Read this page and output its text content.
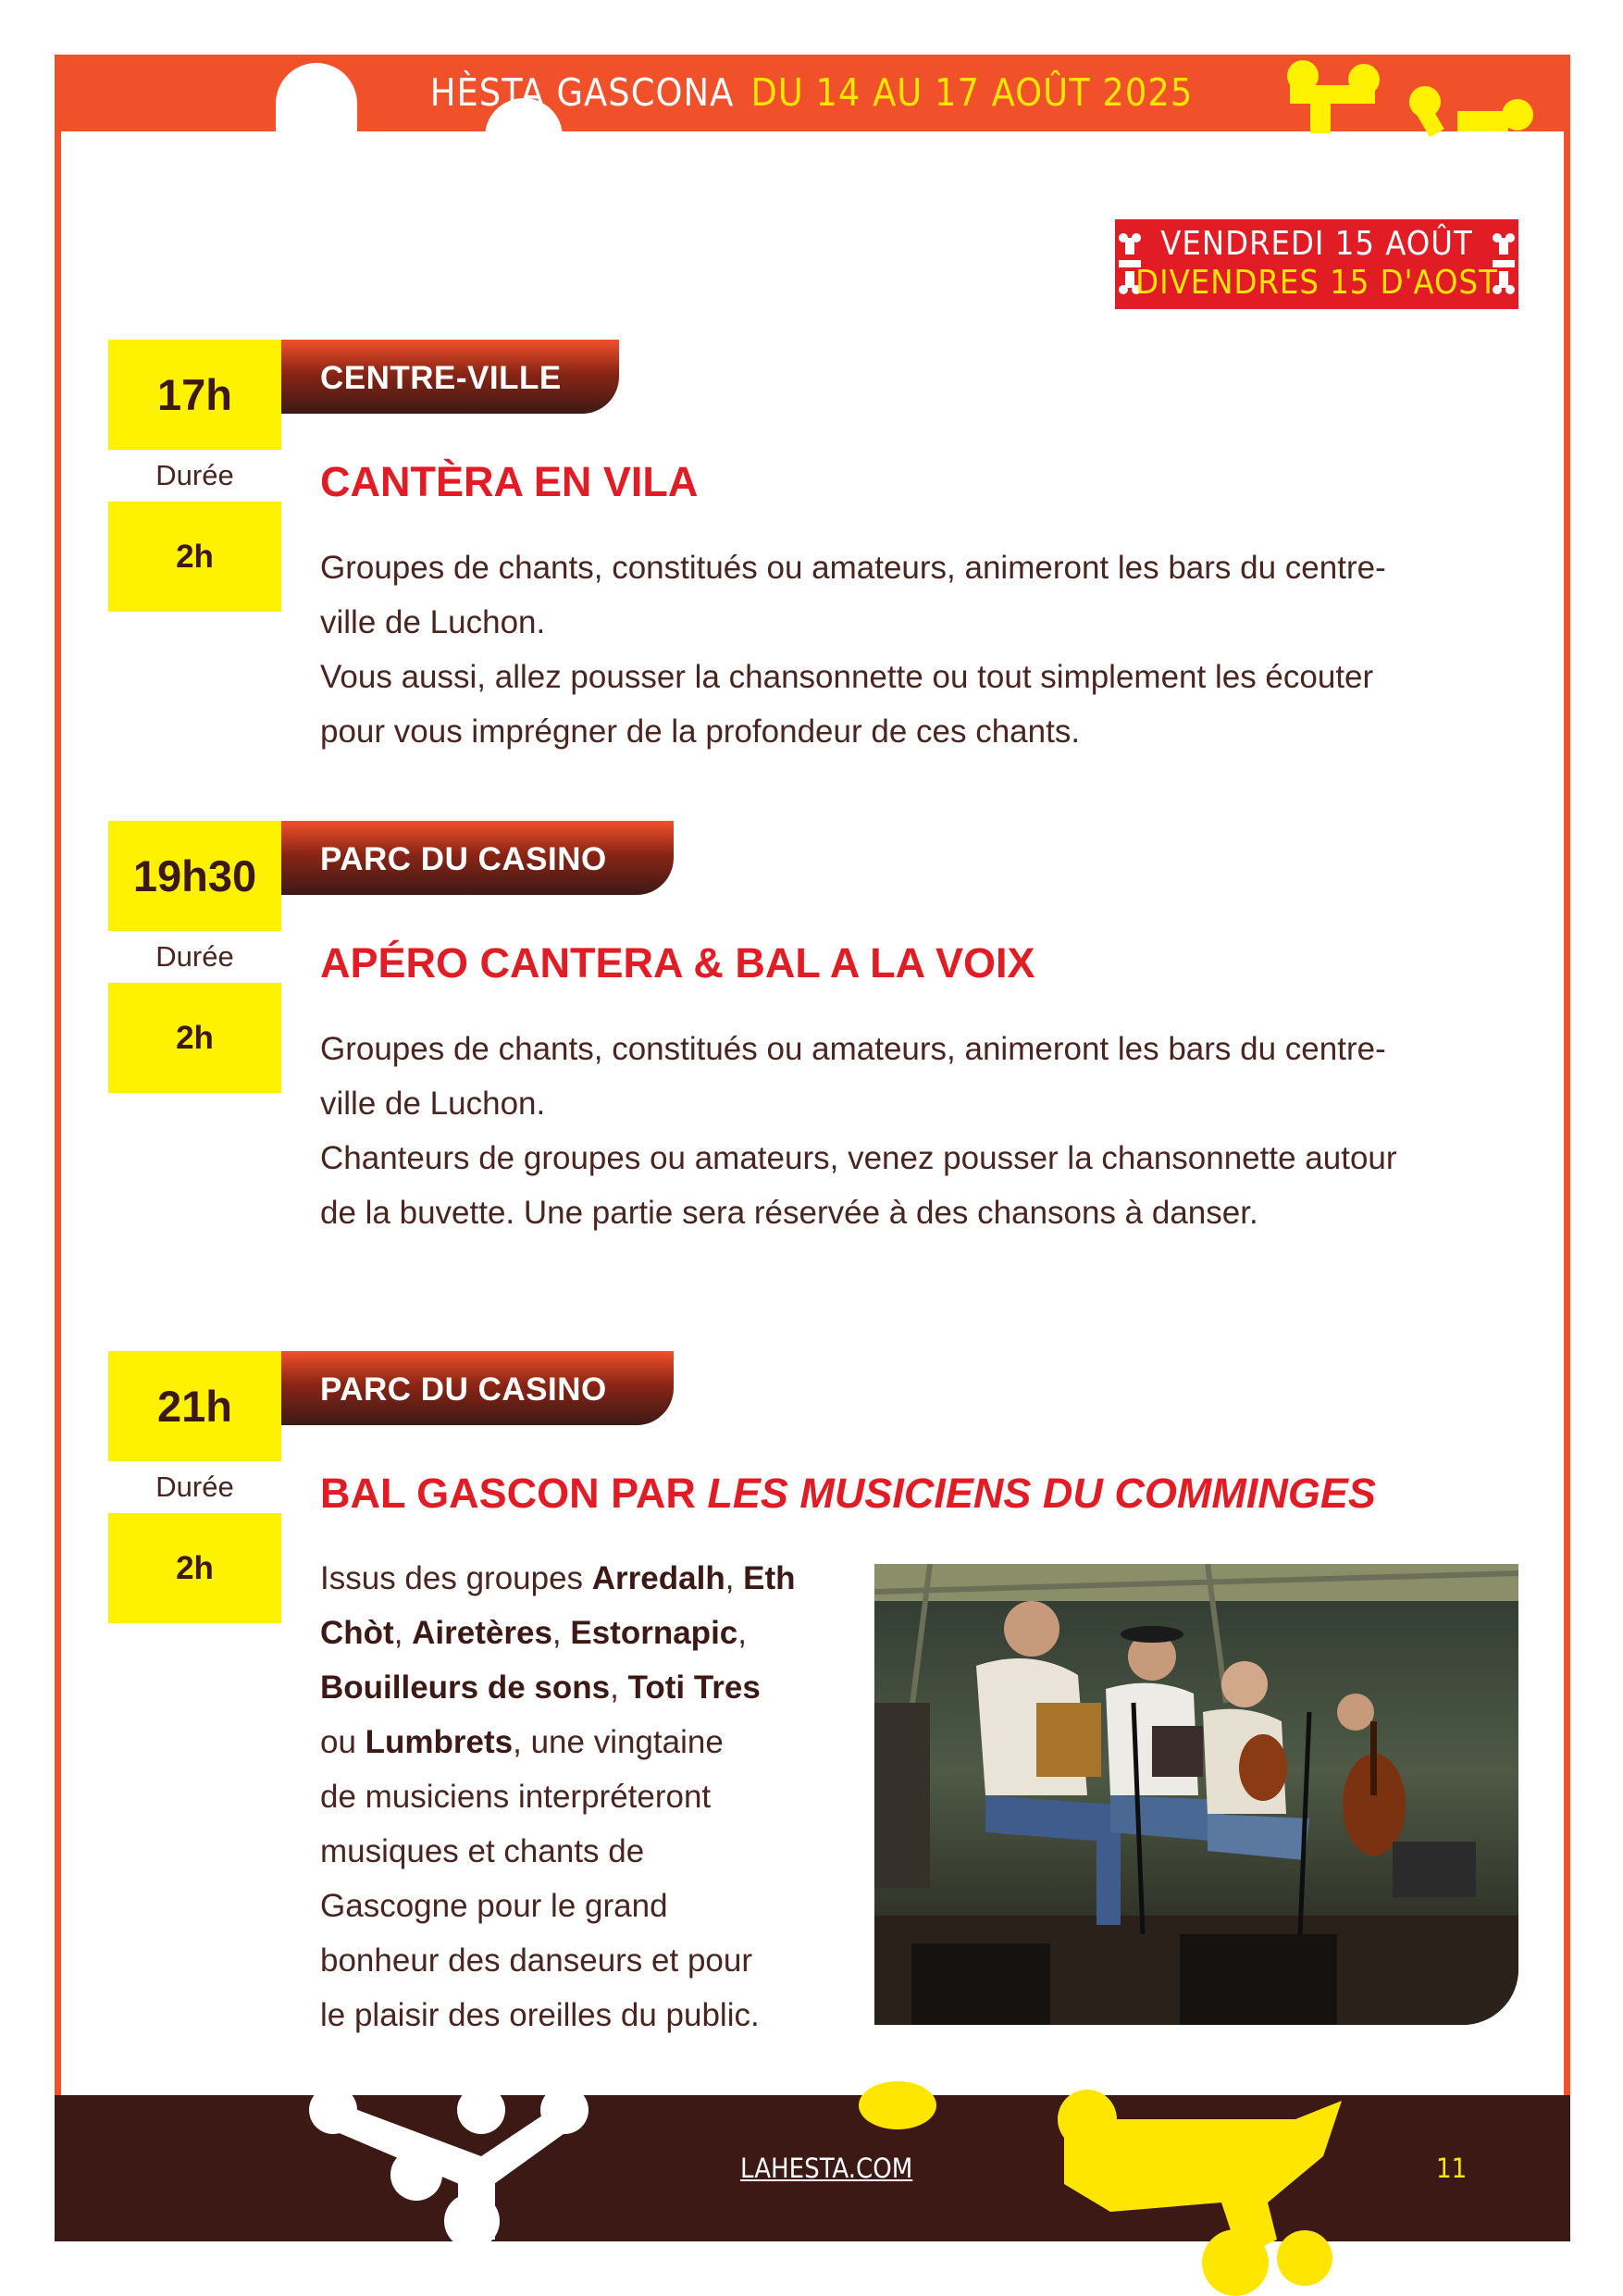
HÈSTA GASCONA DU 14 AU 17 AOÛT 2025
VENDREDI 15 AOÛT
DIVENDRES 15 D'AOST
17h	CENTRE-VILLE
Durée
2h
CANTÈRA EN VILA
Groupes de chants, constitués ou amateurs, animeront les bars du centre-
ville de Luchon.
Vous aussi, allez pousser la chansonnette ou tout simplement les écouter
pour vous imprégner de la profondeur de ces chants.
19h30	PARC DU CASINO
Durée
2h
APÉRO CANTERA & BAL A LA VOIX
Groupes de chants, constitués ou amateurs, animeront les bars du centre-
ville de Luchon.
Chanteurs de groupes ou amateurs, venez pousser la chansonnette autour
de la buvette. Une partie sera réservée à des chansons à danser.
21h	PARC DU CASINO
Durée
2h
BAL GASCON PAR LES MUSICIENS DU COMMINGES
Issus des groupes Arredalh, Eth
Chòt, Airetères, Estornapic,
Bouilleurs de sons, Toti Tres
ou Lumbrets, une vingtaine
de musiciens interpréteront
musiques et chants de
Gascogne pour le grand
bonheur des danseurs et pour
le plaisir des oreilles du public.
LAHESTA.COM	11
